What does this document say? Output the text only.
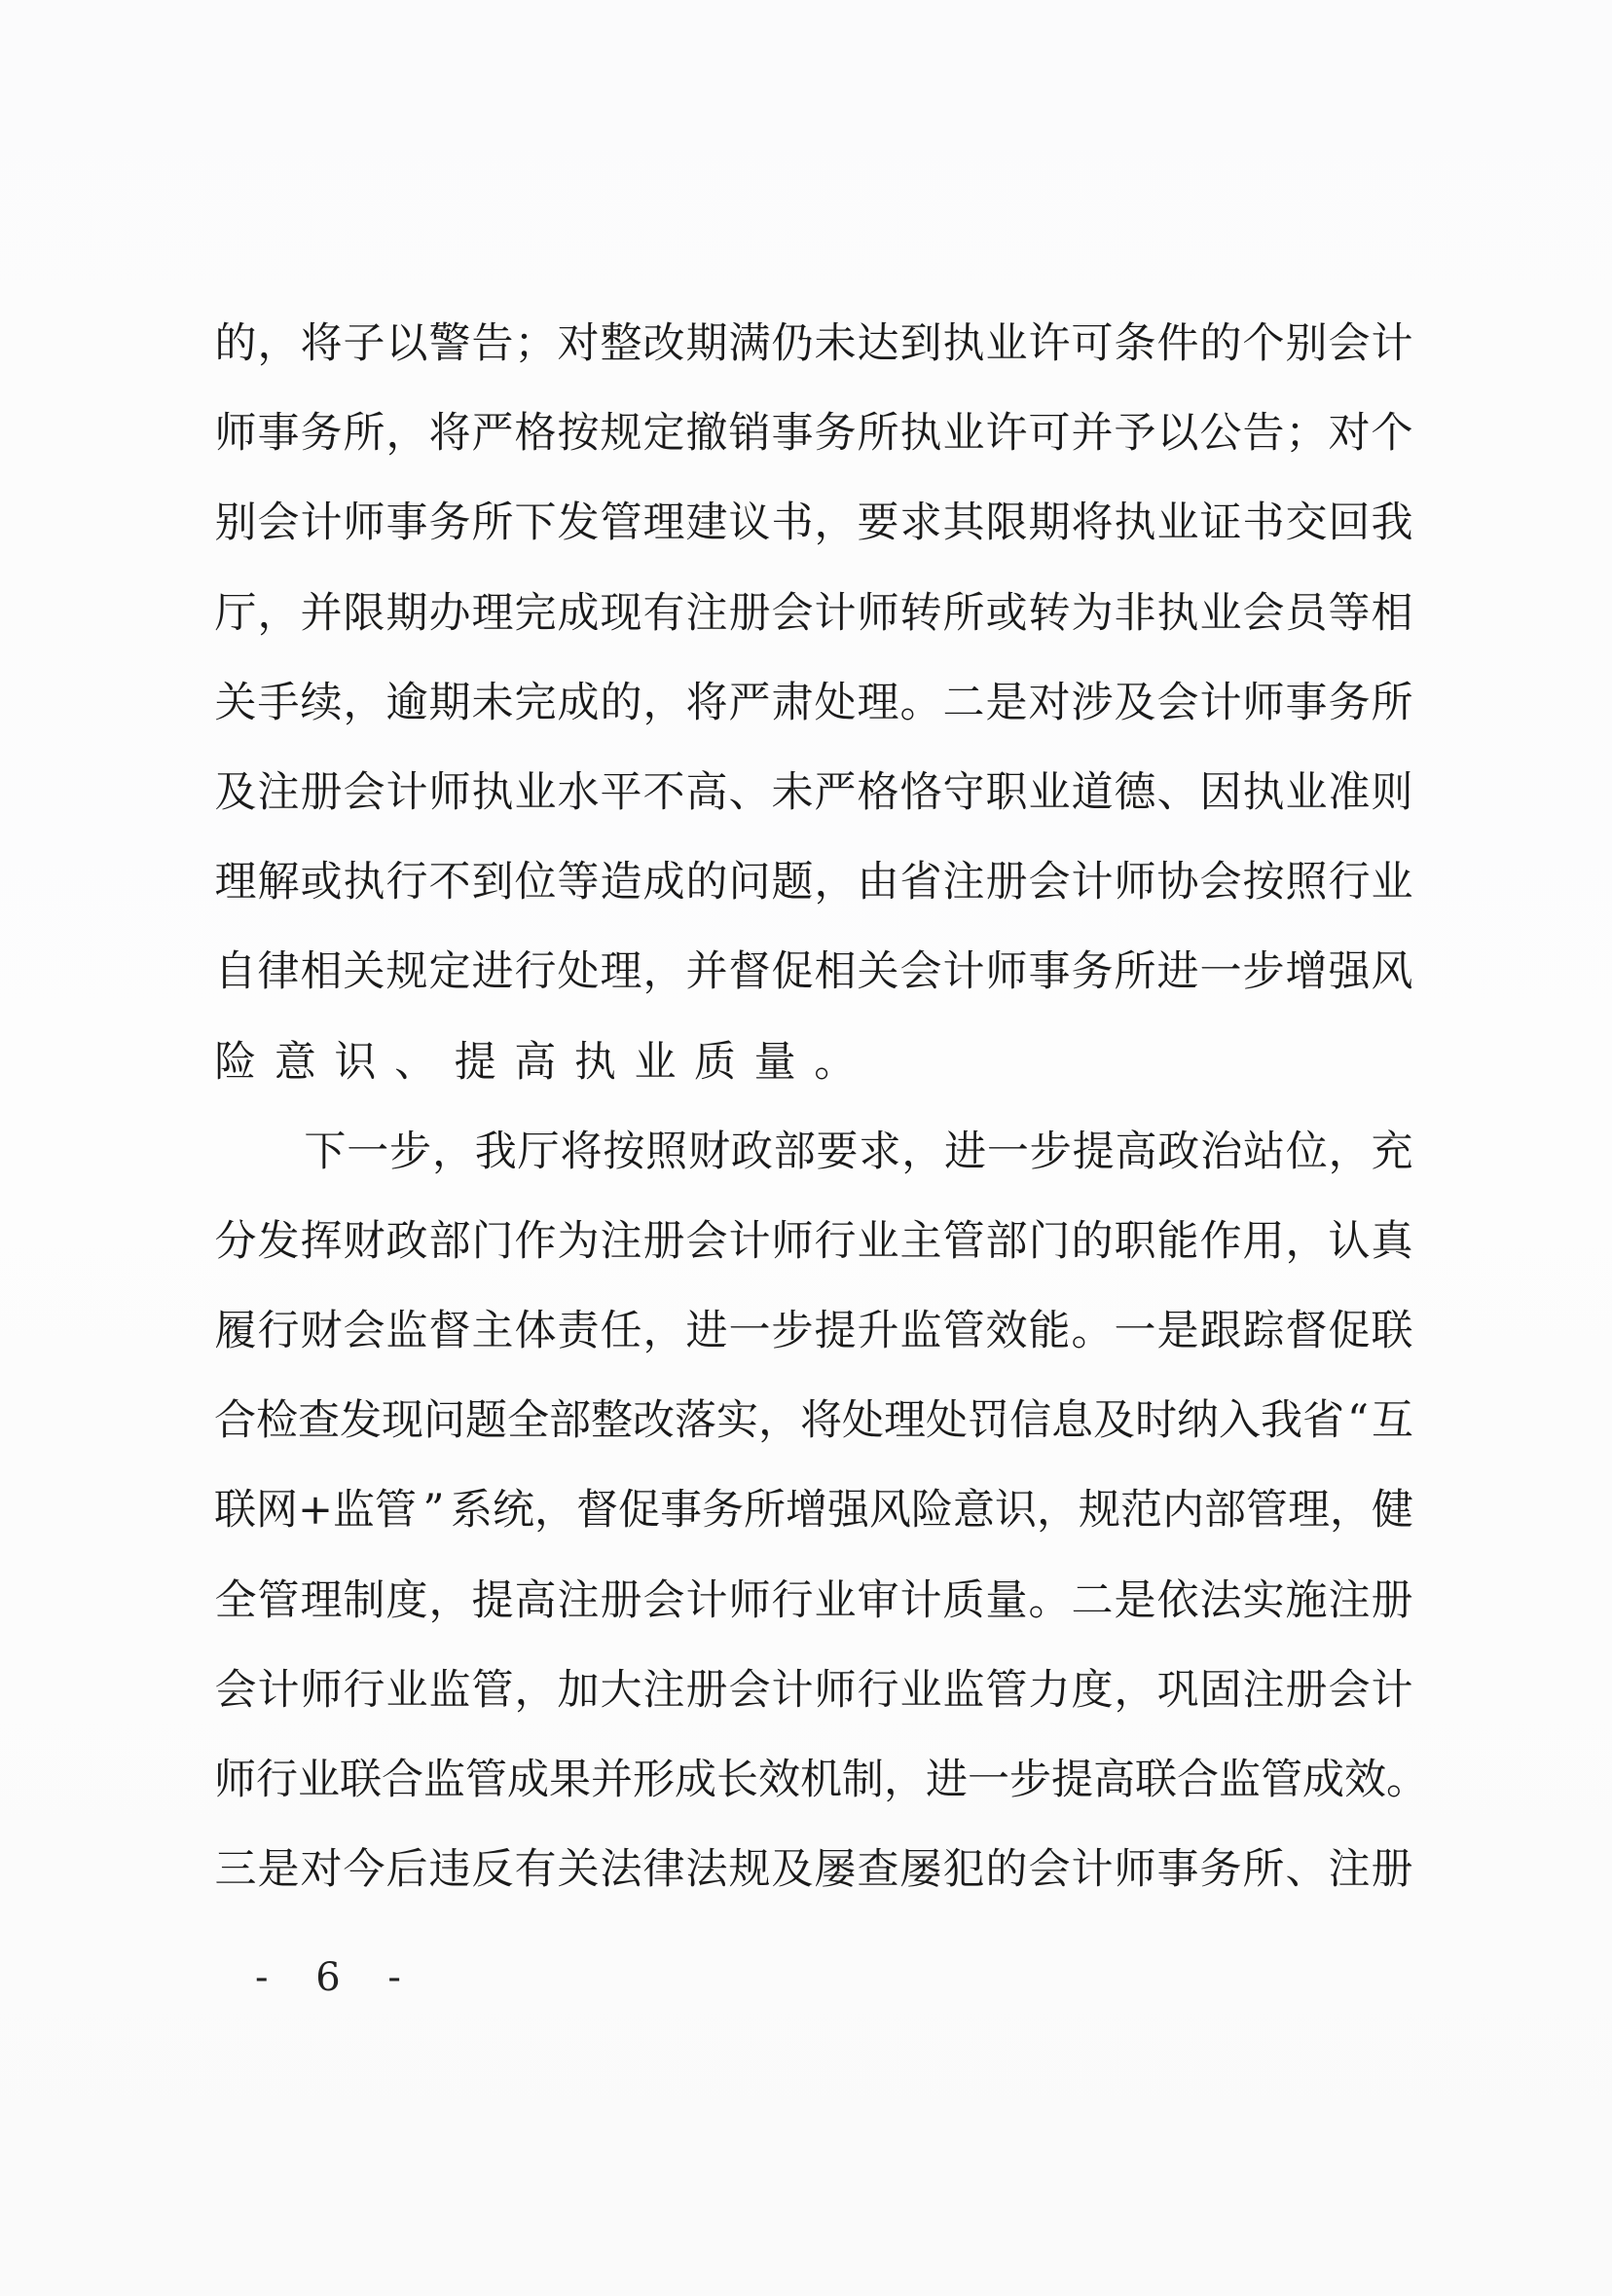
的 ， 将 子 以 警 告 ； 对 整 改 期 满 仍 未 达 到 执 业 许 可 条 件 的 个 别 会 计
师 事 务 所 ， 将 严 格 按 规 定 撤 销 事 务 所 执 业 许 可 并 予 以 公 告 ； 对 个
别 会 计 师 事 务 所 下 发 管 理 建 议 书 ， 要 求 其 限 期 将 执 业 证 书 交 回 我
厅 ， 并 限 期 办 理 完 成 现 有 注 册 会 计 师 转 所 或 转 为 非 执 业 会 员 等 相
关 手 续 ， 逾 期 未 完 成 的 ， 将 严 肃 处 理 。 二 是 对 涉 及 会 计 师 事 务 所
及 注 册 会 计 师 执 业 水 平 不 高 、 未 严 格 恪 守 职 业 道 德 、 因 执 业 准 则
理 解 或 执 行 不 到 位 等 造 成 的 问 题 ， 由 省 注 册 会 计 师 协 会 按 照 行 业
自 律 相 关 规 定 进 行 处 理 ， 并 督 促 相 关 会 计 师 事 务 所 进 一 步 增 强 风
险 意 识 、 提 高 执 业 质 量 。
下 一 步 ， 我 厅 将 按 照 财 政 部 要 求 ， 进 一 步 提 高 政 治 站 位 ， 充
分 发 挥 财 政 部 门 作 为 注 册 会 计 师 行 业 主 管 部 门 的 职 能 作 用 ， 认 真
履 行 财 会 监 督 主 体 责 任 ， 进 一 步 提 升 监 管 效 能 。 一 是 跟 踪 督 促 联
合 检 查 发 现 问 题 全 部 整 改 落 实 ， 将 处 理 处 罚 信 息 及 时 纳 入 我 省 “ 互
联 网 + 监 管 ” 系 统 ， 督 促 事 务 所 增 强 风 险 意 识 ， 规 范 内 部 管 理 ， 健
全 管 理 制 度 ， 提 高 注 册 会 计 师 行 业 审 计 质 量 。 二 是 依 法 实 施 注 册
会 计 师 行 业 监 管 ， 加 大 注 册 会 计 师 行 业 监 管 力 度 ， 巩 固 注 册 会 计
师 行 业 联 合 监 管 成 果 并 形 成 长 效 机 制 ， 进 一 步 提 高 联 合 监 管 成 效 。
三 是 对 今 后 违 反 有 关 法 律 法 规 及 屡 查 屡 犯 的 会 计 师 事 务 所 、 注 册
- 6 -
